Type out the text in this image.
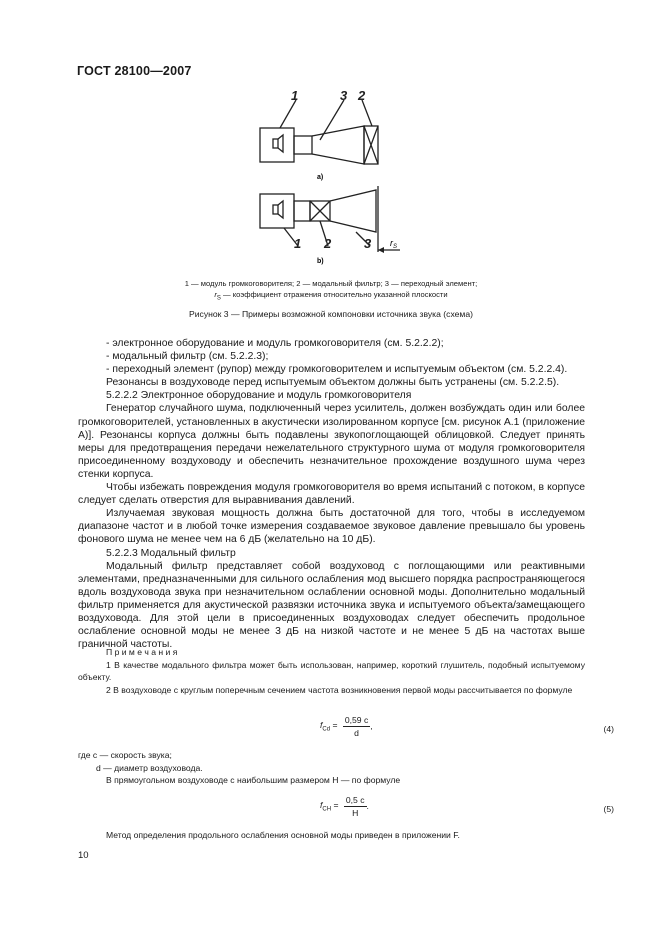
ГОСТ 28100—2007
1	3 2
1 2	3
а)
b)
$r_S$
1 — модуль громкоговорителя; 2 — модальный фильтр; 3 — переходный элемент;
$r_S$ — коэффициент отражения относительно указанной плоскости
Рисунок 3 — Примеры возможной компоновки источника звука (схема)

- электронное оборудование и модуль громкоговорителя (см. 5.2.2.2);

- модальный фильтр (см. 5.2.2.3);

- переходный элемент (рупор) между громкоговорителем и испытуемым объектом (см. 5.2.2.4).

Резонансы в воздуховоде перед испытуемым объектом должны быть устранены (см. 5.2.2.5).

5.2.2.2 Электронное оборудование и модуль громкоговорителя

Генератор случайного шума, подключенный через усилитель, должен возбуждать один или более громкоговорителей, установленных в акустически изолированном корпусе [см. рисунок А.1 (приложение А)]. Резонансы корпуса должны быть подавлены звукопоглощающей облицовкой. Следует принять меры для предотвращения передачи нежелательного структурного шума от модуля громкоговорителя присоединенному воздуховоду и обеспечить незначительное прохождение воздушного шума через стенки корпуса.

Чтобы избежать повреждения модуля громкоговорителя во время испытаний с потоком, в корпусе следует сделать отверстия для выравнивания давлений.

Излучаемая звуковая мощность должна быть достаточной для того, чтобы в исследуемом диапазоне частот и в любой точке измерения создаваемое звуковое давление превышало бы уровень фонового шума не менее чем на 6 дБ (желательно на 10 дБ).

5.2.2.3 Модальный фильтр

Модальный фильтр представляет собой воздуховод с поглощающими или реактивными элементами, предназначенными для сильного ослабления мод высшего порядка распространяющегося вдоль воздуховода звука при незначительном ослаблении основной моды. Дополнительно модальный фильтр применяется для акустической развязки источника звука и испытуемого объекта/замещающего воздуховода. Для этой цели в присоединенных воздуховодах следует обеспечить продольное ослабление основной моды не менее 3 дБ на низкой частоте и не менее 5 дБ на частотах выше граничной частоты.

П р и м е ч а н и я

1 В качестве модального фильтра может быть использован, например, короткий глушитель, подобный испытуемому объекту.

2 В воздуховоде с круглым поперечным сечением частота возникновения первой моды рассчитывается по формуле

$f_{Cd} = \frac{0,59 c}{d}$ ,	(4)

где c — скорость звука;

d — диаметр воздуховода.

В прямоугольном воздуховоде с наибольшим размером H — по формуле

$f_{CH} = \frac{0,5 c}{H}$ .	(5)

Метод определения продольного ослабления основной моды приведен в приложении F.

10
